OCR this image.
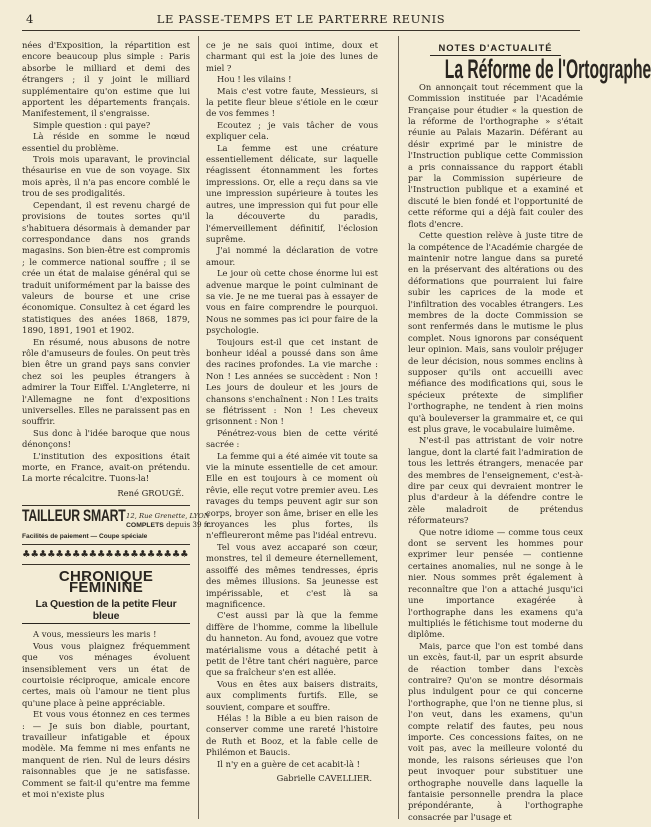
4	LE PASSE-TEMPS ET LE PARTERRE REUNIS

nées d'Exposition, la répartition est encore beaucoup plus simple : Paris absorbe le milliard et demi des étrangers ; il y joint le milliard supplémentaire qu'on estime que lui apportent les départements français. Manifestement, il s'engraisse.

Simple question : qui paye?

Là réside en somme le nœud essentiel du problème.

Trois mois uparavant, le provincial thésaurise en vue de son voyage. Six mois après, il n'a pas encore comblé le trou de ses prodigalités.

Cependant, il est revenu chargé de provisions de toutes sortes qu'il s'habituera désormais à demander par correspondance dans nos grands magasins. Son bien-être est compromis ; le commerce national souffre ; il se crée un état de malaise général qui se traduit uniformément par la baisse des valeurs de bourse et une crise économique. Consultez à cet égard les statistiques des anées 1868, 1879, 1890, 1891, 1901 et 1902.

En résumé, nous abusons de notre rôle d'amuseurs de foules. On peut très bien être un grand pays sans convier chez soi les peuples étrangers à admirer la Tour Eiffel. L'Angleterre, ni l'Allemagne ne font d'expositions universelles. Elles ne paraissent pas en souffrir.

Sus donc à l'idée baroque que nous dénonçons!

L'institution des expositions était morte, en France, avait-on prétendu. La morte récalcitre. Tuons-la!

René GROUGÉ.

TAILLEUR SMART 12, Rue Grenette, LYON
COMPLETS depuis 39 fr.
Facilités de paiement — Coupe spéciale
♣♣♣♣♣♣♣♣♣♣♣♣♣♣♣♣♣♣♣♣
CHRONIQUE FÉMININE
La Question de la petite Fleur bleue

A vous, messieurs les maris !

Vous vous plaignez fréquemment que vos ménages évoluent insensiblement vers un état de courtoisie réciproque, amicale encore certes, mais où l'amour ne tient plus qu'une place à peine appréciable.

Et vous vous étonnez en ces termes : — Je suis bon diable, pourtant, travailleur infatigable et époux modèle. Ma femme ni mes enfants ne manquent de rien. Nul de leurs désirs raisonnables que je ne satisfasse. Comment se fait-il qu'entre ma femme et moi n'existe plus

ce je ne sais quoi intime, doux et charmant qui est la joie des lunes de miel ?

Hou ! les vilains !

Mais c'est votre faute, Messieurs, si la petite fleur bleue s'étiole en le cœur de vos femmes !

Ecoutez ; je vais tâcher de vous expliquer cela.

La femme est une créature essentiellement délicate, sur laquelle réagissent étonnamment les fortes impressions. Or, elle a reçu dans sa vie une impression supérieure à toutes les autres, une impression qui fut pour elle la découverte du paradis, l'émerveillement définitif, l'éclosion suprême.

J'ai nommé la déclaration de votre amour.

Le jour où cette chose énorme lui est advenue marque le point culminant de sa vie. Je ne me tuerai pas à essayer de vous en faire comprendre le pourquoi. Nous ne sommes pas ici pour faire de la psychologie.

Toujours est-il que cet instant de bonheur idéal a poussé dans son âme des racines profondes. La vie marche : Non ! Les années se succèdent : Non ! Les jours de douleur et les jours de chansons s'enchaînent : Non ! Les traits se flétrissent : Non ! Les cheveux grisonnent : Non !

Pénétrez-vous bien de cette vérité sacrée :

La femme qui a été aimée vit toute sa vie la minute essentielle de cet amour. Elle en est toujours à ce moment où rêvie, elle reçut votre premier aveu. Les ravages du temps peuvent agir sur son corps, broyer son âme, briser en elle les croyances les plus fortes, ils n'effleureront même pas l'idéal entrevu.

Tel vous avez accaparé son cœur, monstres, tel il demeure éternellement, assoiffé des mêmes tendresses, épris des mêmes illusions. Sa jeunesse est impérissable, et c'est là sa magnificence.

C'est aussi par là que la femme diffère de l'homme, comme la libellule du hanneton. Au fond, avouez que votre matérialisme vous a détaché petit à petit de l'être tant chéri naguère, parce que sa fraîcheur s'en est allée.

Vous en êtes aux baisers distraits, aux compliments furtifs. Elle, se souvient, compare et souffre.

Hélas ! la Bible a eu bien raison de conserver comme une rareté l'histoire de Ruth et Booz, et la fable celle de Philémon et Baucis.

Il n'y en a guère de cet acabit-là !

Gabrielle CAVELLIER.

NOTES D'ACTUALITÉ
La Réforme de l'Ortographe

On annonçait tout récemment que la Commission instituée par l'Académie Française pour étudier « la question de la réforme de l'orthographe » s'était réunie au Palais Mazarin. Déférant au désir exprimé par le ministre de l'Instruction publique cette Commission a pris connaissance du rapport établi par la Commission supérieure de l'Instruction publique et a examiné et discuté le bien fondé et l'opportunité de cette réforme qui a déjà fait couler des flots d'encre.

Cette question relève à juste titre de la compétence de l'Académie chargée de maintenir notre langue dans sa pureté en la préservant des altérations ou des déformations que pourraient lui faire subir les caprices de la mode et l'infiltration des vocables étrangers. Les membres de la docte Commission se sont renfermés dans le mutisme le plus complet. Nous ignorons par conséquent leur opinion. Mais, sans vouloir préjuger de leur décision, nous sommes enclins à supposer qu'ils ont accueilli avec méfiance des modifications qui, sous le spécieux prétexte de simplifier l'orthographe, ne tendent à rien moins qu'à bouleverser la grammaire et, ce qui est plus grave, le vocabulaire luimême.

N'est-il pas attristant de voir notre langue, dont la clarté fait l'admiration de tous les lettrés étrangers, menacée par des membres de l'enseignement, c'est-à-dire par ceux qui devraient montrer le plus d'ardeur à la défendre contre le zèle maladroit de prétendus réformateurs?

Que notre idiome — comme tous ceux dont se servent les hommes pour exprimer leur pensée — contienne certaines anomalies, nul ne songe à le nier. Nous sommes prêt également à reconnaître que l'on a attaché jusqu'ici une importance exagérée à l'orthographe dans les examens qu'a multipliés le fétichisme tout moderne du diplôme.

Mais, parce que l'on est tombé dans un excès, faut-il, par un esprit absurde de réaction tomber dans l'excès contraire? Qu'on se montre désormais plus indulgent pour ce qui concerne l'orthographe, que l'on ne tienne plus, si l'on veut, dans les examens, qu'un compte relatif des fautes, peu nous importe. Ces concessions faites, on ne voit pas, avec la meilleure volonté du monde, les raisons sérieuses que l'on peut invoquer pour substituer une orthographe nouvelle dans laquelle la fantaisie personnelle prendra la place prépondérante, à l'orthographe consacrée par l'usage et
